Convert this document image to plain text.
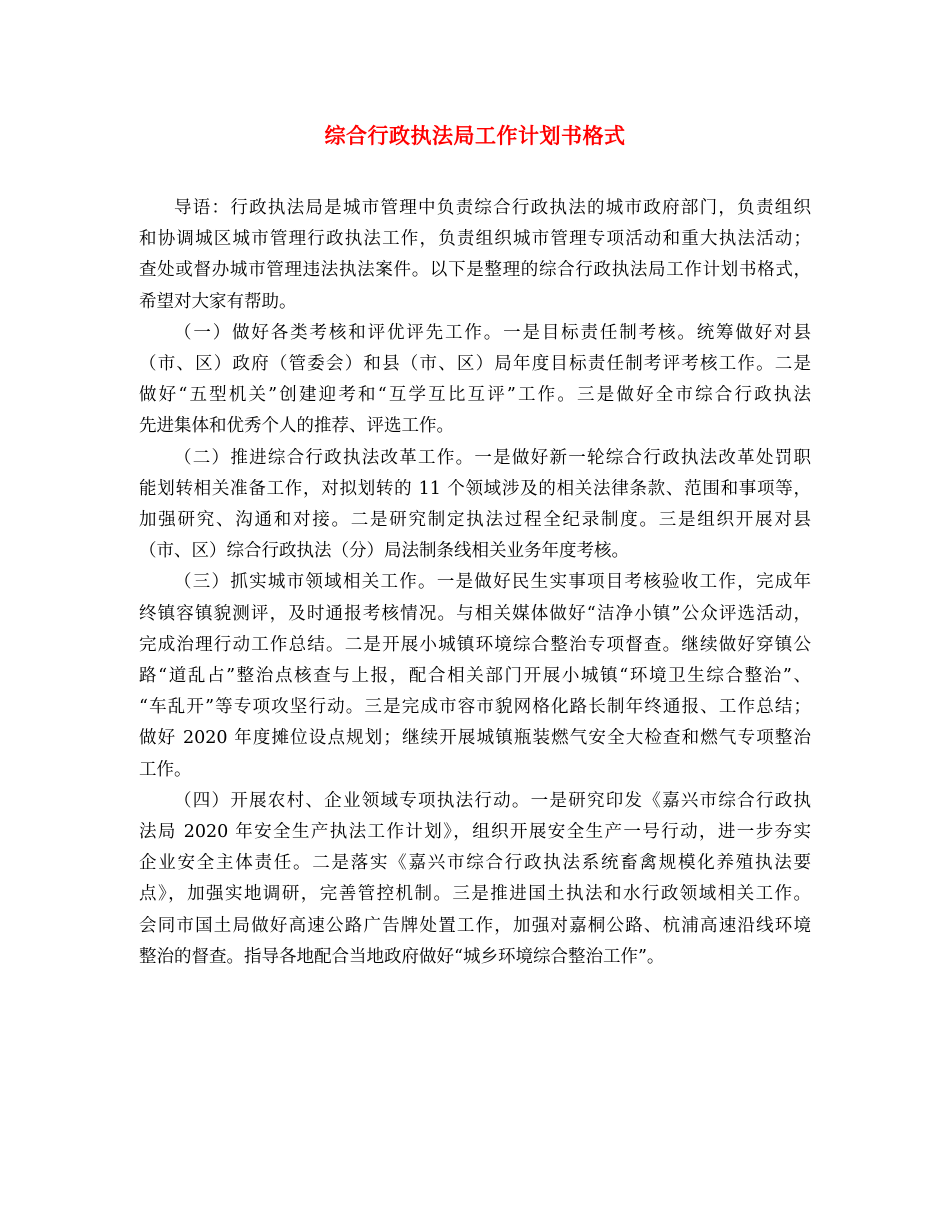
综合行政执法局工作计划书格式
导语：行政执法局是城市管理中负责综合行政执法的城市政府部门，负责组织
和协调城区城市管理行政执法工作，负责组织城市管理专项活动和重大执法活动；
查处或督办城市管理违法执法案件。以下是整理的综合行政执法局工作计划书格式，
希望对大家有帮助。
（一）做好各类考核和评优评先工作。一是目标责任制考核。统筹做好对县
（市、区）政府（管委会）和县（市、区）局年度目标责任制考评考核工作。二是
做好“五型机关”创建迎考和“互学互比互评”工作。三是做好全市综合行政执法
先进集体和优秀个人的推荐、评选工作。
（二）推进综合行政执法改革工作。一是做好新一轮综合行政执法改革处罚职
能划转相关准备工作，对拟划转的 11 个领域涉及的相关法律条款、范围和事项等，
加强研究、沟通和对接。二是研究制定执法过程全纪录制度。三是组织开展对县
（市、区）综合行政执法（分）局法制条线相关业务年度考核。
（三）抓实城市领域相关工作。一是做好民生实事项目考核验收工作，完成年
终镇容镇貌测评，及时通报考核情况。与相关媒体做好“洁净小镇”公众评选活动，
完成治理行动工作总结。二是开展小城镇环境综合整治专项督查。继续做好穿镇公
路“道乱占”整治点核查与上报，配合相关部门开展小城镇“环境卫生综合整治”、
“车乱开”等专项攻坚行动。三是完成市容市貌网格化路长制年终通报、工作总结；
做好 2020 年度摊位设点规划；继续开展城镇瓶装燃气安全大检查和燃气专项整治
工作。
（四）开展农村、企业领域专项执法行动。一是研究印发《嘉兴市综合行政执
法局 2020 年安全生产执法工作计划》，组织开展安全生产一号行动，进一步夯实
企业安全主体责任。二是落实《嘉兴市综合行政执法系统畜禽规模化养殖执法要
点》，加强实地调研，完善管控机制。三是推进国土执法和水行政领域相关工作。
会同市国土局做好高速公路广告牌处置工作，加强对嘉桐公路、杭浦高速沿线环境
整治的督查。指导各地配合当地政府做好“城乡环境综合整治工作”。
